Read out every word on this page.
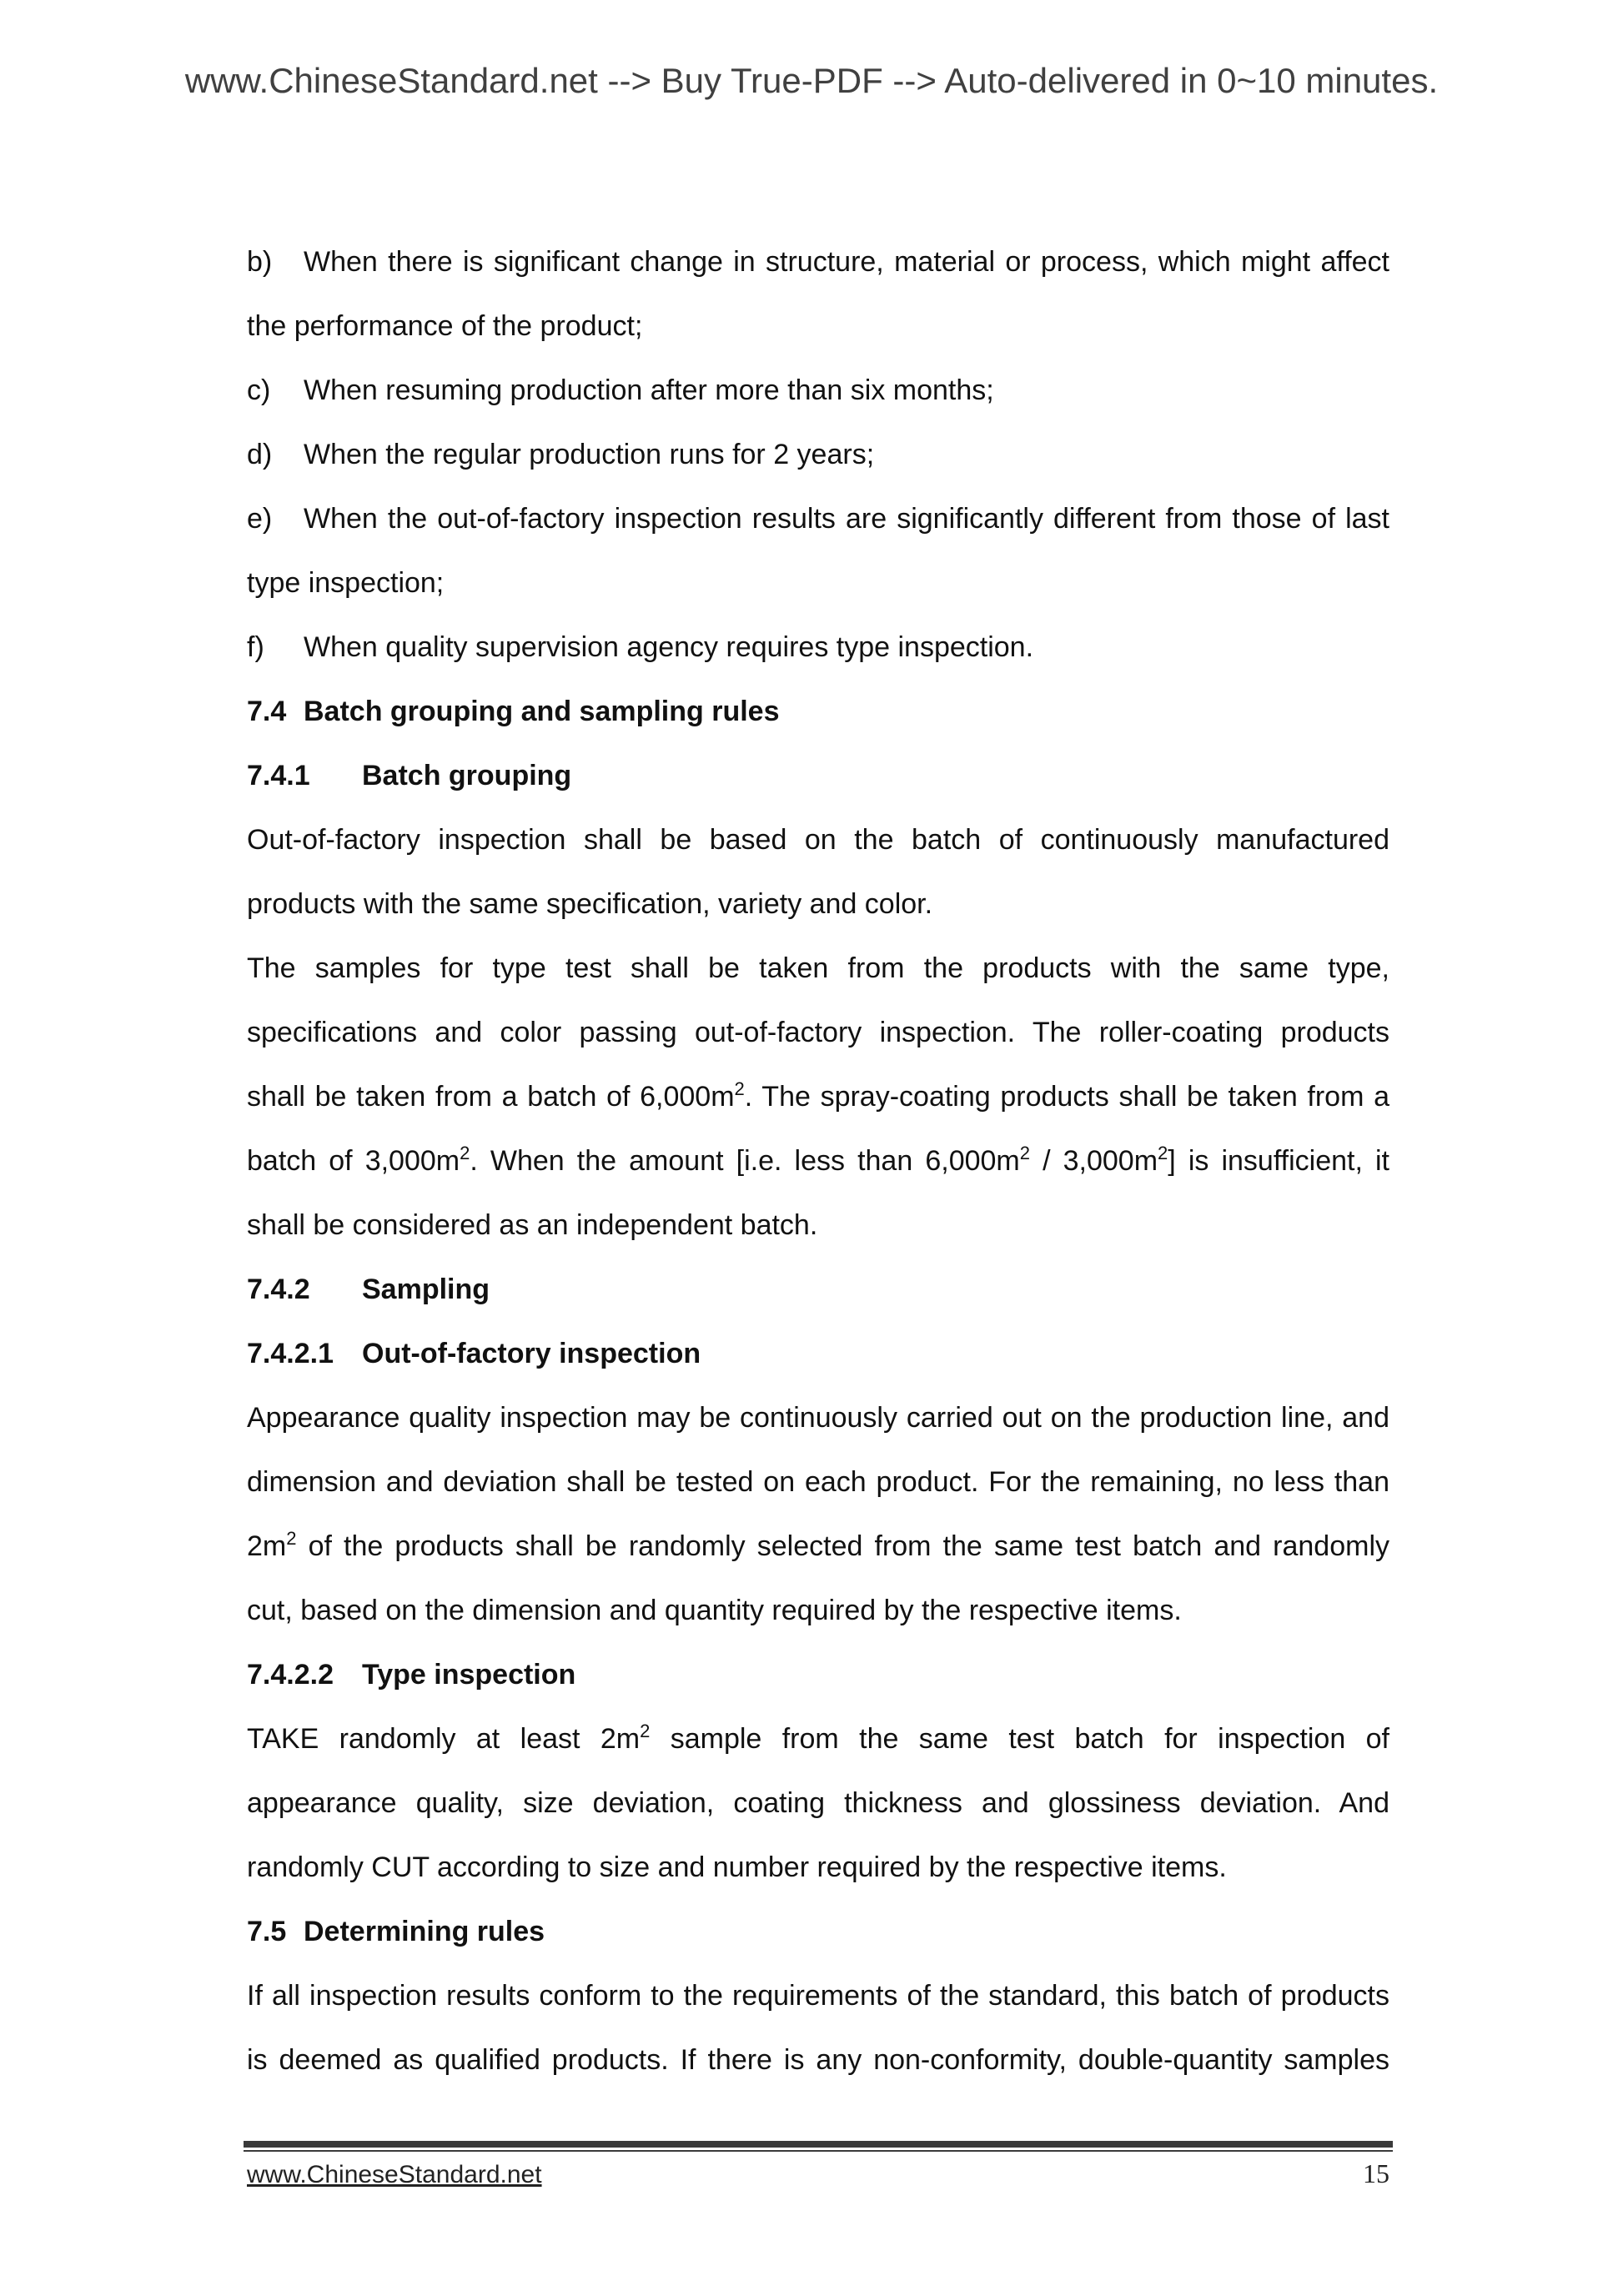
www.ChineseStandard.net --> Buy True-PDF --> Auto-delivered in 0~10 minutes.
b) When there is significant change in structure, material or process, which might affect
the performance of the product;
c) When resuming production after more than six months;
d) When the regular production runs for 2 years;
e) When the out-of-factory inspection results are significantly different from those of last
type inspection;
f) When quality supervision agency requires type inspection.
7.4 Batch grouping and sampling rules
7.4.1 Batch grouping
Out-of-factory inspection shall be based on the batch of continuously manufactured
products with the same specification, variety and color.
The samples for type test shall be taken from the products with the same type,
specifications and color passing out-of-factory inspection. The roller-coating products
shall be taken from a batch of $6,000m^2$. The spray-coating products shall be taken from a
batch of $3,000m^2$. When the amount [i.e. less than $6,000m^2 / 3,000m^2$] is insufficient, it
shall be considered as an independent batch.
7.4.2 Sampling
7.4.2.1 Out-of-factory inspection
Appearance quality inspection may be continuously carried out on the production line, and
dimension and deviation shall be tested on each product. For the remaining, no less than
$2m^2$ of the products shall be randomly selected from the same test batch and randomly
cut, based on the dimension and quantity required by the respective items.
7.4.2.2 Type inspection
TAKE randomly at least $2m^2$ sample from the same test batch for inspection of
appearance quality, size deviation, coating thickness and glossiness deviation. And
randomly CUT according to size and number required by the respective items.
7.5 Determining rules
If all inspection results conform to the requirements of the standard, this batch of products
is deemed as qualified products. If there is any non-conformity, double-quantity samples
www.ChineseStandard.net	15
